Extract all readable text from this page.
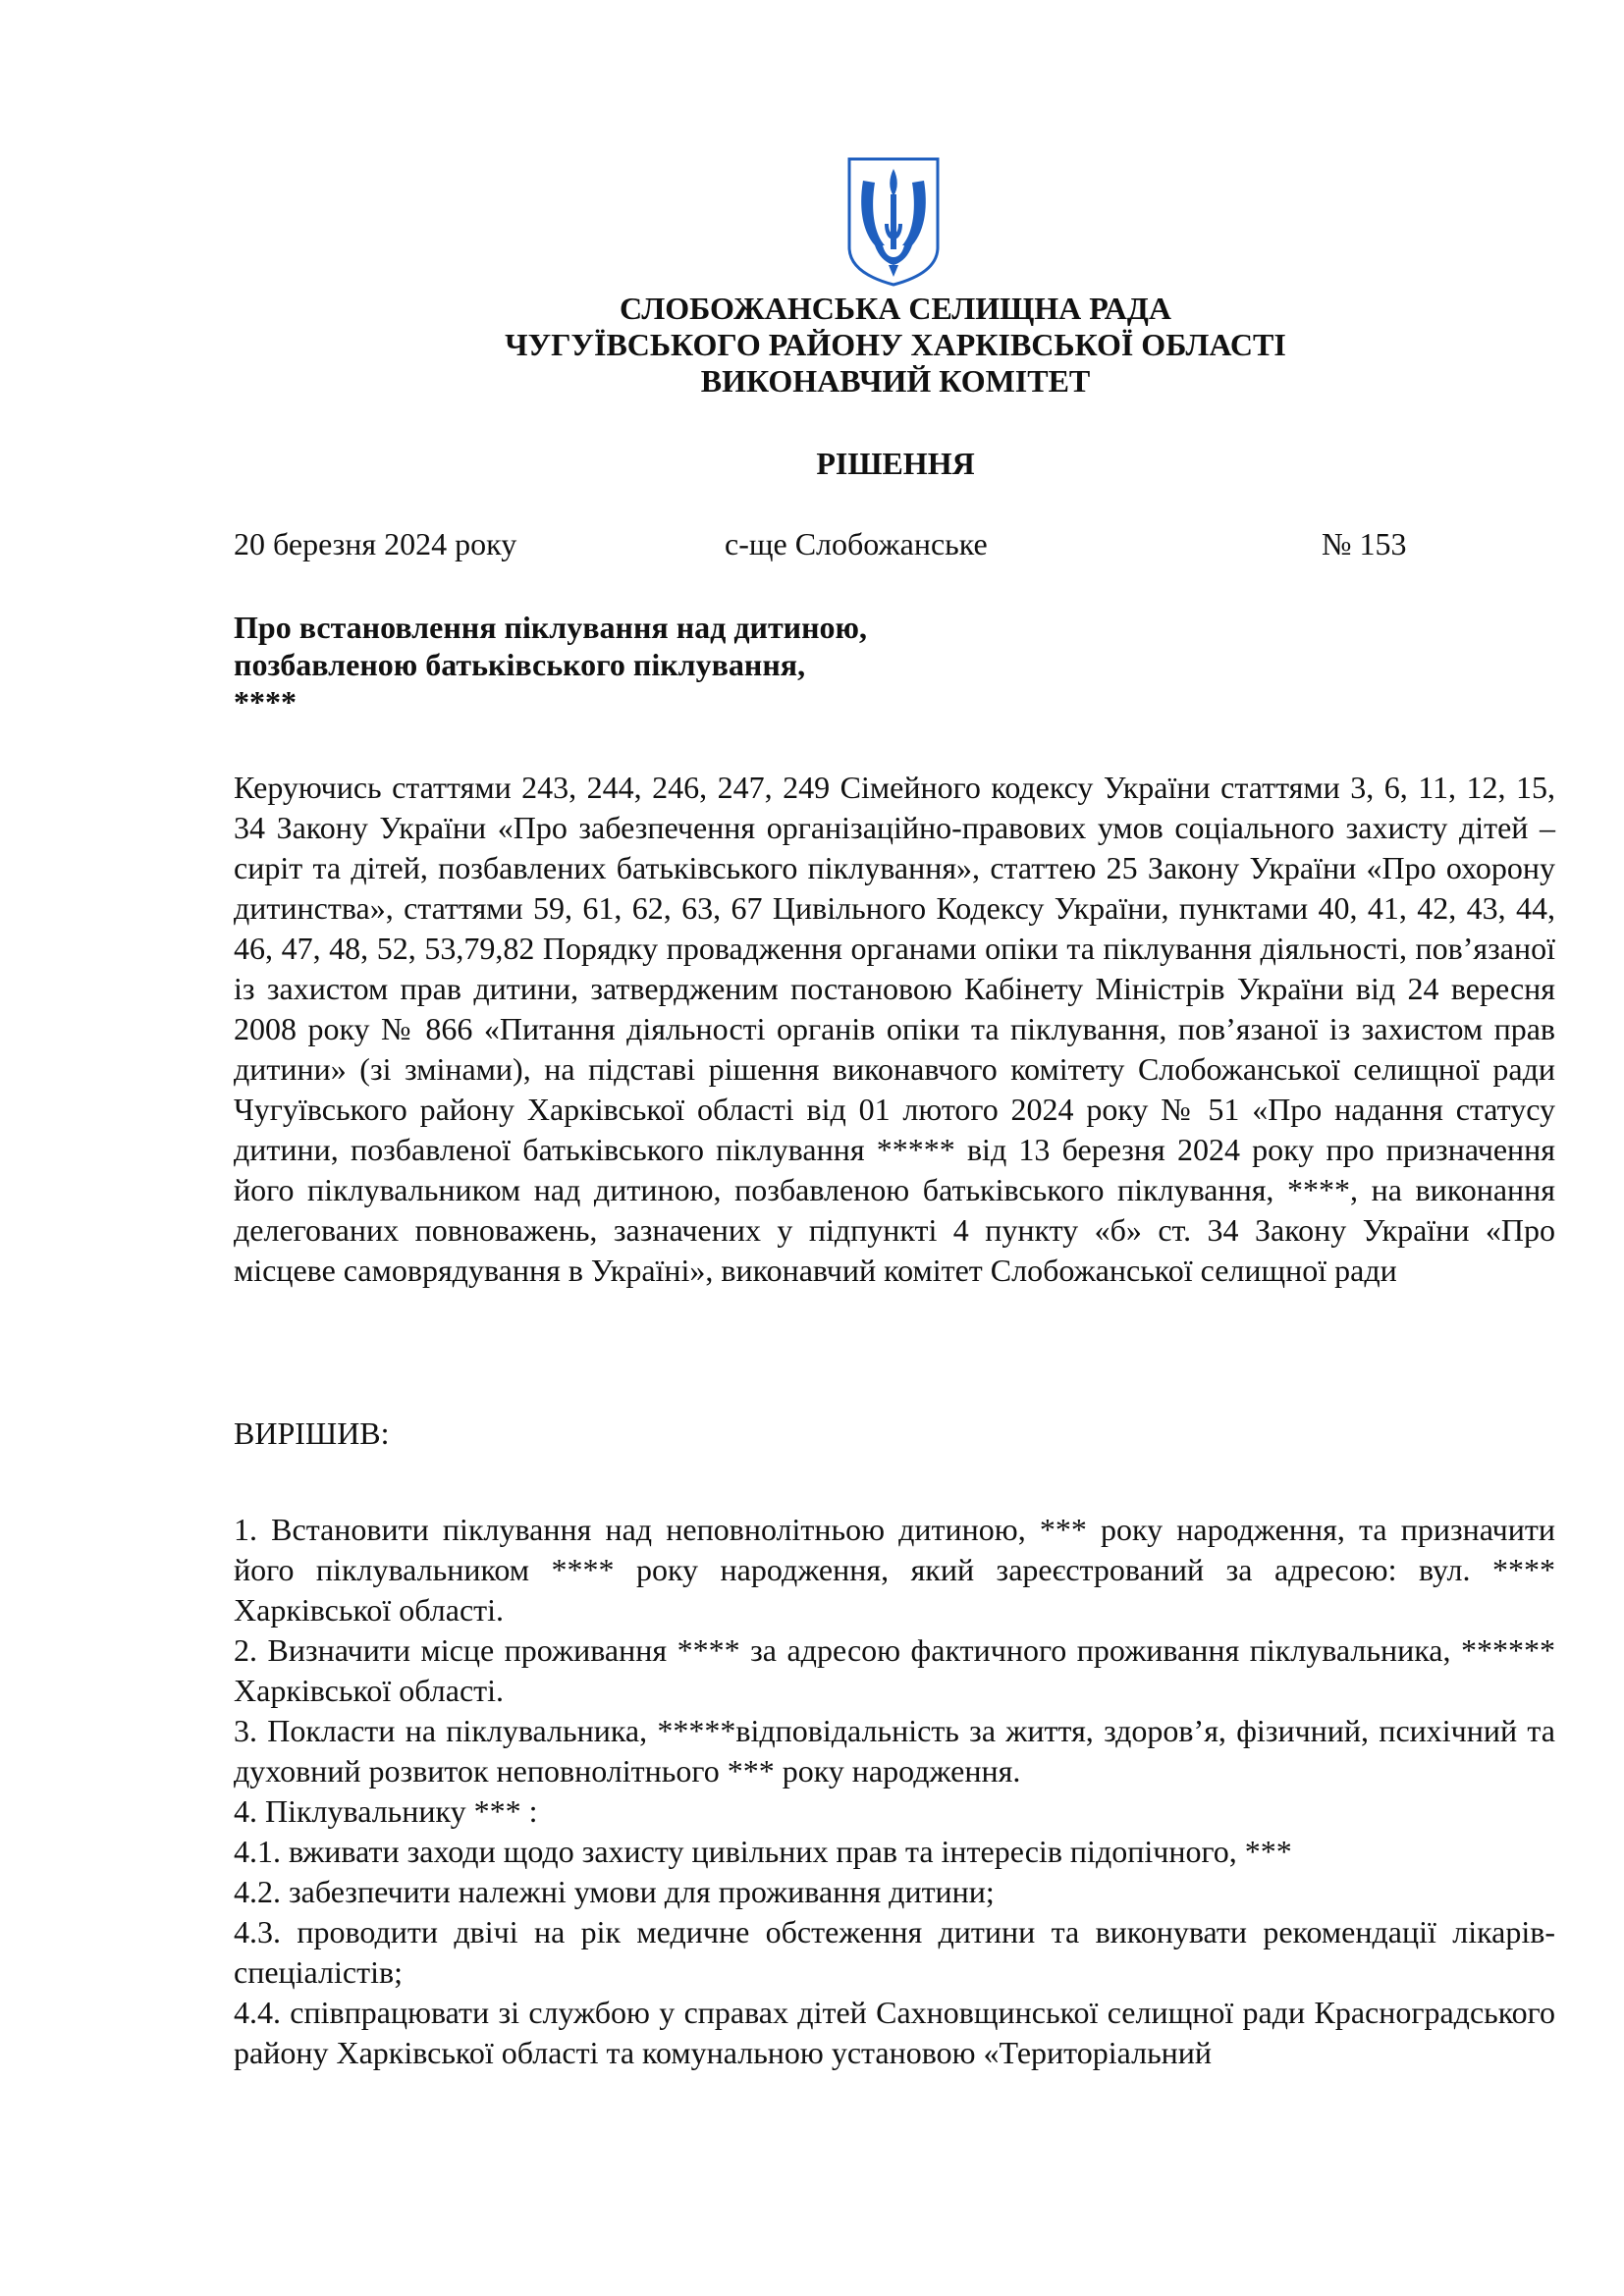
СЛОБОЖАНСЬКА СЕЛИЩНА РАДА
ЧУГУЇВСЬКОГО РАЙОНУ ХАРКІВСЬКОЇ ОБЛАСТІ
ВИКОНАВЧИЙ КОМІТЕТ
РІШЕННЯ
20 березня 2024 року	с-ще Слобожанське	№ 153
Про встановлення піклування над дитиною,
позбавленою батьківського піклування,
****
Керуючись статтями 243, 244, 246, 247, 249 Сімейного кодексу України статтями 3, 6, 11, 12, 15, 34 Закону України «Про забезпечення організаційно-правових умов соціального захисту дітей – сиріт та дітей, позбавлених батьківського піклування», статтею 25 Закону України «Про охорону дитинства», статтями 59, 61, 62, 63, 67 Цивільного Кодексу України, пунктами 40, 41, 42, 43, 44, 46, 47, 48, 52, 53,79,82 Порядку провадження органами опіки та піклування діяльності, пов’язаної із захистом прав дитини, затвердженим постановою Кабінету Міністрів України від 24 вересня 2008 року № 866 «Питання діяльності органів опіки та піклування, пов’язаної із захистом прав дитини» (зі змінами), на підставі рішення виконавчого комітету Слобожанської селищної ради Чугуївського району Харківської області від 01 лютого 2024 року № 51 «Про надання статусу дитини, позбавленої батьківського піклування ***** від 13 березня 2024 року про призначення його піклувальником над дитиною, позбавленою батьківського піклування, ****, на виконання делегованих повноважень, зазначених у підпункті 4 пункту «б» ст. 34 Закону України «Про місцеве самоврядування в Україні», виконавчий комітет Слобожанської селищної ради
ВИРІШИВ:

1. Встановити піклування над неповнолітньою дитиною, *** року народження, та призначити його піклувальником **** року народження, який зареєстрований за адресою: вул. **** Харківської області.

2. Визначити місце проживання **** за адресою фактичного проживання піклувальника, ****** Харківської області.

3. Покласти на піклувальника, *****відповідальність за життя, здоров’я, фізичний, психічний та духовний розвиток неповнолітнього *** року народження.

4. Піклувальнику *** :

4.1. вживати заходи щодо захисту цивільних прав та інтересів підопічного, ***

4.2. забезпечити належні умови для проживання дитини;

4.3. проводити двічі на рік медичне обстеження дитини та виконувати рекомендації лікарів-спеціалістів;

4.4. співпрацювати зі службою у справах дітей Сахновщинської селищної ради Красноградського району Харківської області та комунальною установою «Територіальний
